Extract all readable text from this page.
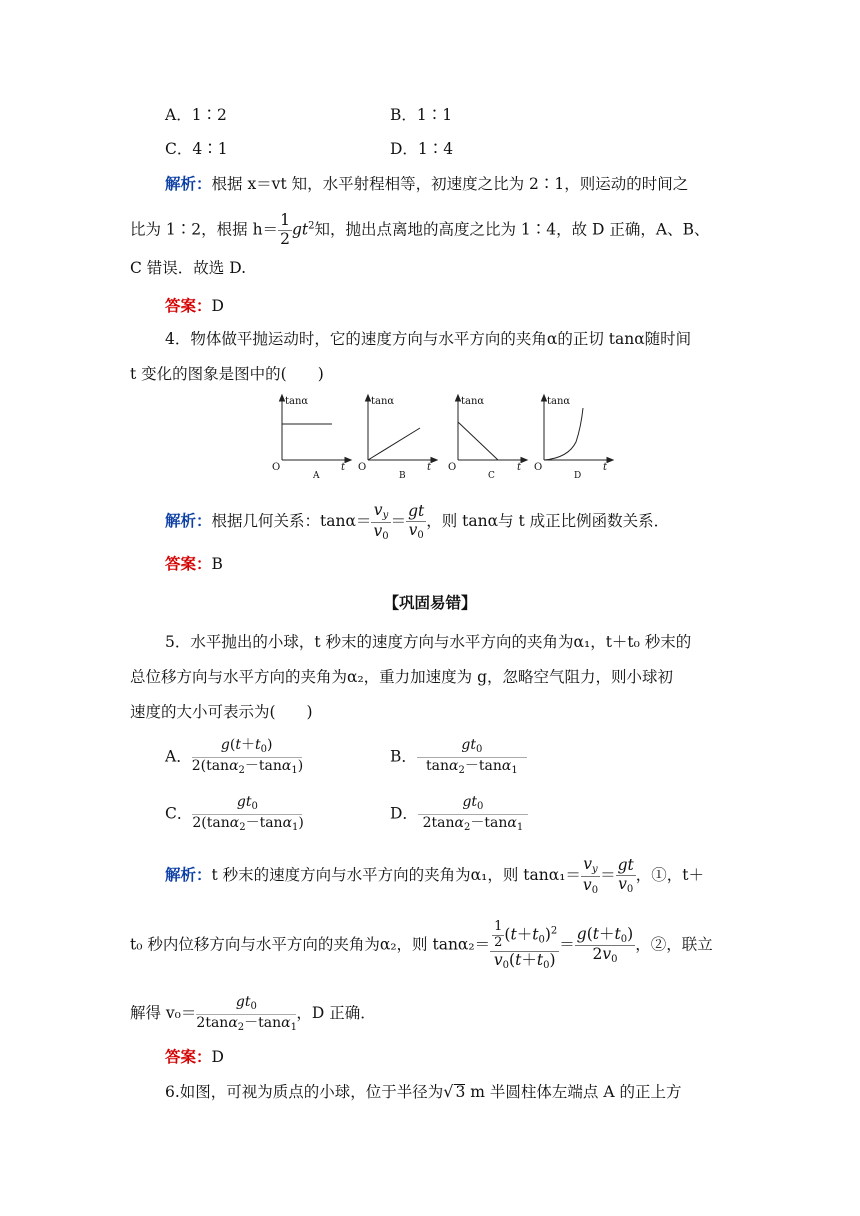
A．1∶2	B．1∶1
C．4∶1	D．1∶4
解析：根据 x＝vt 知，水平射程相等，初速度之比为 2∶1，则运动的时间之
比为 1∶2，根据 $h= \frac{1}{2} gt^2$知，抛出点离地的高度之比为 1∶4，故 D 正确，A、B、
C 错误．故选 D.
答案：D
4．物体做平抛运动时，它的速度方向与水平方向的夹角α的正切 tanα随时间
t 变化的图象是图中的(　　)
tanα
O	t
A
tanα
O	t
B
tanα
O	t
C
tanα
O	t
D
解析：根据几何关系：$\tan\alpha= \frac{v_y}{v_0} = \frac{gt}{v_0}$ ，则 tanα与 t 成正比例函数关系．
答案：B
【巩固易错】
5．水平抛出的小球，t 秒末的速度方向与水平方向的夹角为α₁，t＋t₀ 秒末的
总位移方向与水平方向的夹角为α₂，重力加速度为 g，忽略空气阻力，则小球初
速度的大小可表示为(　　)
A． $\frac{g(t+t_0)}{2(\tan\alpha_2-\tan\alpha_1)}$	B． $\frac{gt_0}{\tan\alpha_2-\tan\alpha_1}$
C． $\frac{gt_0}{2(\tan\alpha_2-\tan\alpha_1)}$	D． $\frac{gt_0}{2\tan\alpha_2-\tan\alpha_1}$
解析：t 秒末的速度方向与水平方向的夹角为α₁，则 $\tan\alpha_1= \frac{v_y}{v_0} = \frac{gt}{v_0}$ ，①，t＋
t₀ 秒内位移方向与水平方向的夹角为α₂，则 $\tan\alpha_2= \frac{\frac{1}{2} (t+t_0)^2}{v_0(t+t_0)} = \frac{g(t+t_0)}{2v_0}$ ，②，联立
解得 $v_0= \frac{gt_0}{2\tan\alpha_2-\tan\alpha_1}$ ，D 正确．
答案：D
6.如图，可视为质点的小球，位于半径为√ 3 m 半圆柱体左端点 A 的正上方
